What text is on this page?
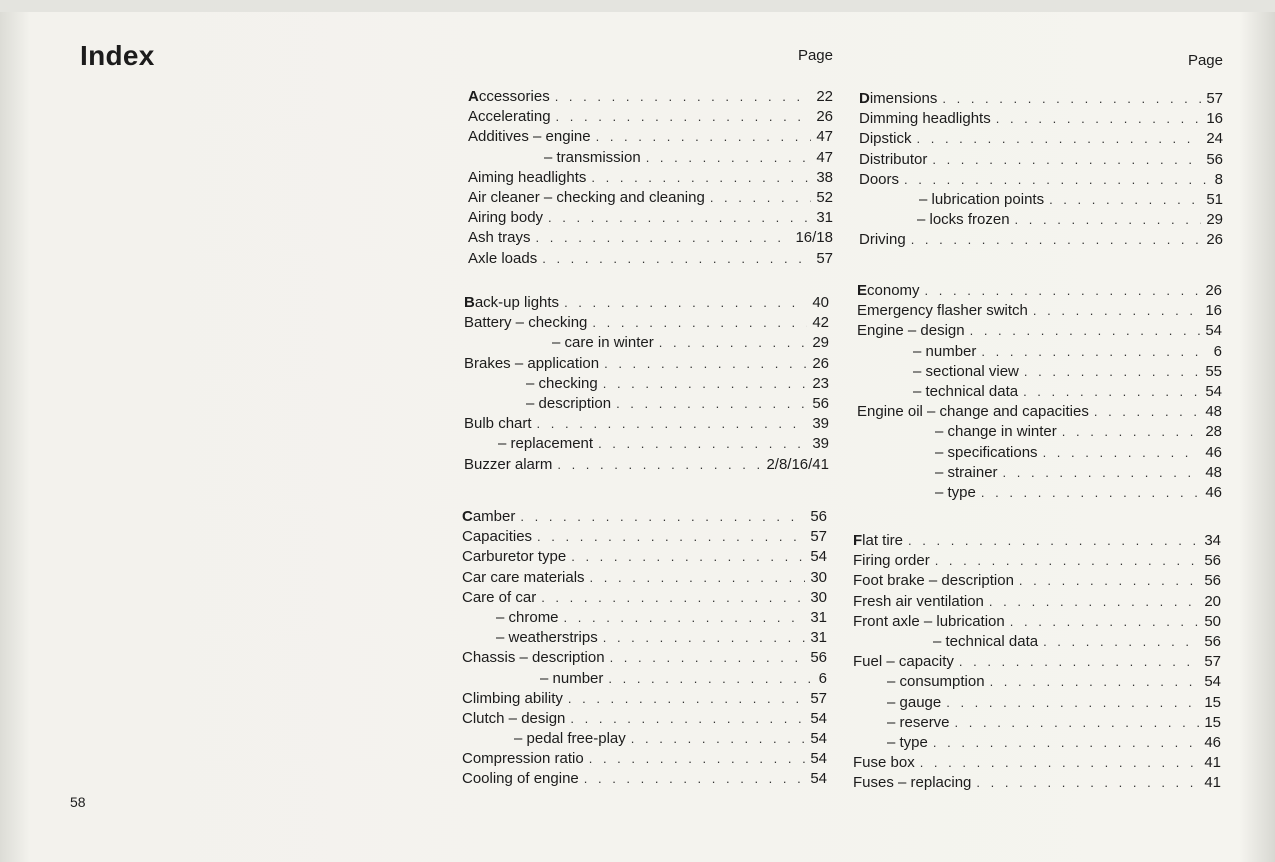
Index	Page	Page
Accessories . . .	22
Accelerating . . .	26
Additives – engine . . .	47
– transmission . . .	47
Aiming headlights . . .	38
Air cleaner – checking and cleaning . . .	52
Airing body . . .	31
Ash trays . . .	16/18
Axle loads . . .	57
Back-up lights . . .	40
Battery – checking . . .	42
– care in winter . . .	29
Brakes – application . . .	26
– checking . . .	23
– description . . .	56
Bulb chart . . .	39
– replacement . . .	39
Buzzer alarm . . .	2/8/16/41
Camber . . .	56
Capacities . . .	57
Carburetor type . . .	54
Car care materials . . .	30
Care of car . . .	30
– chrome . . .	31
– weatherstrips . . .	31
Chassis – description . . .	56
– number . . .	6
Climbing ability . . .	57
Clutch – design . . .	54
– pedal free-play . . .	54
Compression ratio . . .	54
Cooling of engine . . .	54
Dimensions . . .	57
Dimming headlights . . .	16
Dipstick . . .	24
Distributor . . .	56
Doors . . .	8
– lubrication points . . .	51
– locks frozen . . .	29
Driving . . .	26
Economy . . .	26
Emergency flasher switch . . .	16
Engine – design . . .	54
– number . . .	6
– sectional view . . .	55
– technical data . . .	54
Engine oil – change and capacities . . .	48
– change in winter . . .	28
– specifications . . .	46
– strainer . . .	48
– type . . .	46
Flat tire . . .	34
Firing order . . .	56
Foot brake – description . . .	56
Fresh air ventilation . . .	20
Front axle – lubrication . . .	50
– technical data . . .	56
Fuel – capacity . . .	57
– consumption . . .	54
– gauge . . .	15
– reserve . . .	15
– type . . .	46
Fuse box . . .	41
Fuses – replacing . . .	41
58
